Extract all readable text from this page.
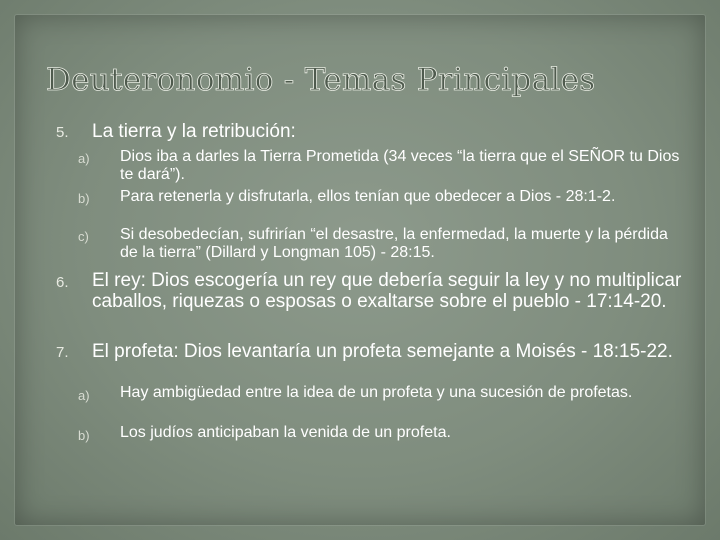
Deuteronomio - Temas Principales
5. La tierra y la retribución:
a) Dios iba a darles la Tierra Prometida (34 veces “la tierra que el SEÑOR tu Dios te dará”).
b) Para retenerla y disfrutarla, ellos tenían que obedecer a Dios - 28:1-2.
c) Si desobedecían, sufrirían “el desastre, la enfermedad, la muerte y la pérdida de la tierra” (Dillard y Longman 105) - 28:15.
6. El rey: Dios escogería un rey que debería seguir la ley y no multiplicar caballos, riquezas o esposas o exaltarse sobre el pueblo - 17:14-20.
7. El profeta: Dios levantaría un profeta semejante a Moisés - 18:15-22.
a) Hay ambigüedad entre la idea de un profeta y una sucesión de profetas.
b) Los judíos anticipaban la venida de un profeta.
